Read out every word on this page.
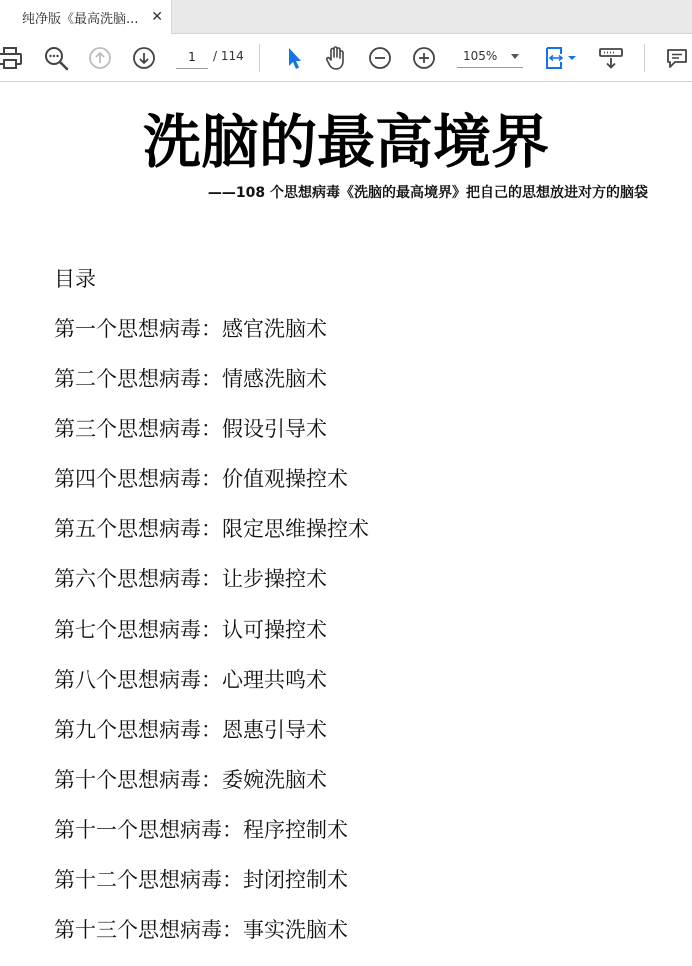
纯净版《最高洗脑... ✕
1
/ 114	105%
洗脑的最高境界
——108 个思想病毒《洗脑的最高境界》把自己的思想放进对方的脑袋
目录
第一个思想病毒：感官洗脑术
第二个思想病毒：情感洗脑术
第三个思想病毒：假设引导术
第四个思想病毒：价值观操控术
第五个思想病毒：限定思维操控术
第六个思想病毒：让步操控术
第七个思想病毒：认可操控术
第八个思想病毒：心理共鸣术
第九个思想病毒：恩惠引导术
第十个思想病毒：委婉洗脑术
第十一个思想病毒：程序控制术
第十二个思想病毒：封闭控制术
第十三个思想病毒：事实洗脑术
